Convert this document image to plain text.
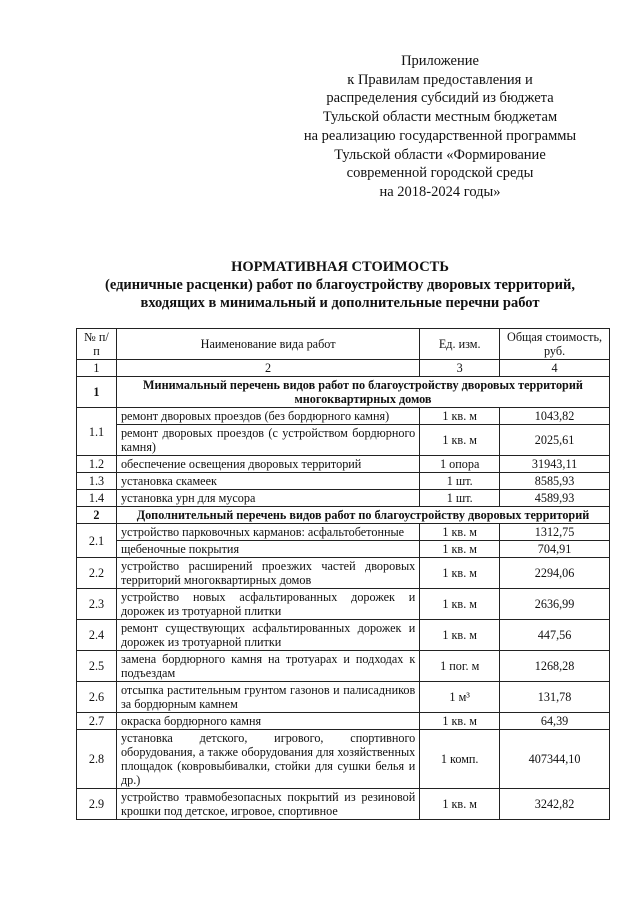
Приложение
к Правилам предоставления и
распределения субсидий из бюджета
Тульской области местным бюджетам
на реализацию государственной программы
Тульской области «Формирование
современной городской среды
на 2018-2024 годы»
НОРМАТИВНАЯ СТОИМОСТЬ
(единичные расценки) работ по благоустройству дворовых территорий,
входящих в минимальный и дополнительные перечни работ
№ п/п	Наименование вида работ	Ед. изм.	Общая стоимость, руб.
1	2	3	4
1	Минимальный перечень видов работ по благоустройству дворовых территорий многоквартирных домов		
1.1	ремонт дворовых проездов (без бордюрного камня)	1 кв. м	1043,82
	ремонт дворовых проездов (с устройством бордюрного камня)	1 кв. м	2025,61
1.2	обеспечение освещения дворовых территорий	1 опора	31943,11
1.3	установка скамеек	1 шт.	8585,93
1.4	установка урн для мусора	1 шт.	4589,93
2	Дополнительный перечень видов работ по благоустройству дворовых территорий		
2.1	устройство парковочных карманов: асфальтобетонные	1 кв. м	1312,75
	щебеночные покрытия	1 кв. м	704,91
2.2	устройство расширений проезжих частей дворовых территорий многоквартирных домов	1 кв. м	2294,06
2.3	устройство новых асфальтированных дорожек и дорожек из тротуарной плитки	1 кв. м	2636,99
2.4	ремонт существующих асфальтированных дорожек и дорожек из тротуарной плитки	1 кв. м	447,56
2.5	замена бордюрного камня на тротуарах и подходах к подъездам	1 пог. м	1268,28
2.6	отсыпка растительным грунтом газонов и палисадников за бордюрным камнем	1 м³	131,78
2.7	окраска бордюрного камня	1 кв. м	64,39
2.8	установка детского, игрового, спортивного оборудования, а также оборудования для хозяйственных площадок (ковровыбивалки, стойки для сушки белья и др.)	1 комп.	407344,10
2.9	устройство травмобезопасных покрытий из резиновой крошки под детское, игровое, спортивное	1 кв. м	3242,82
